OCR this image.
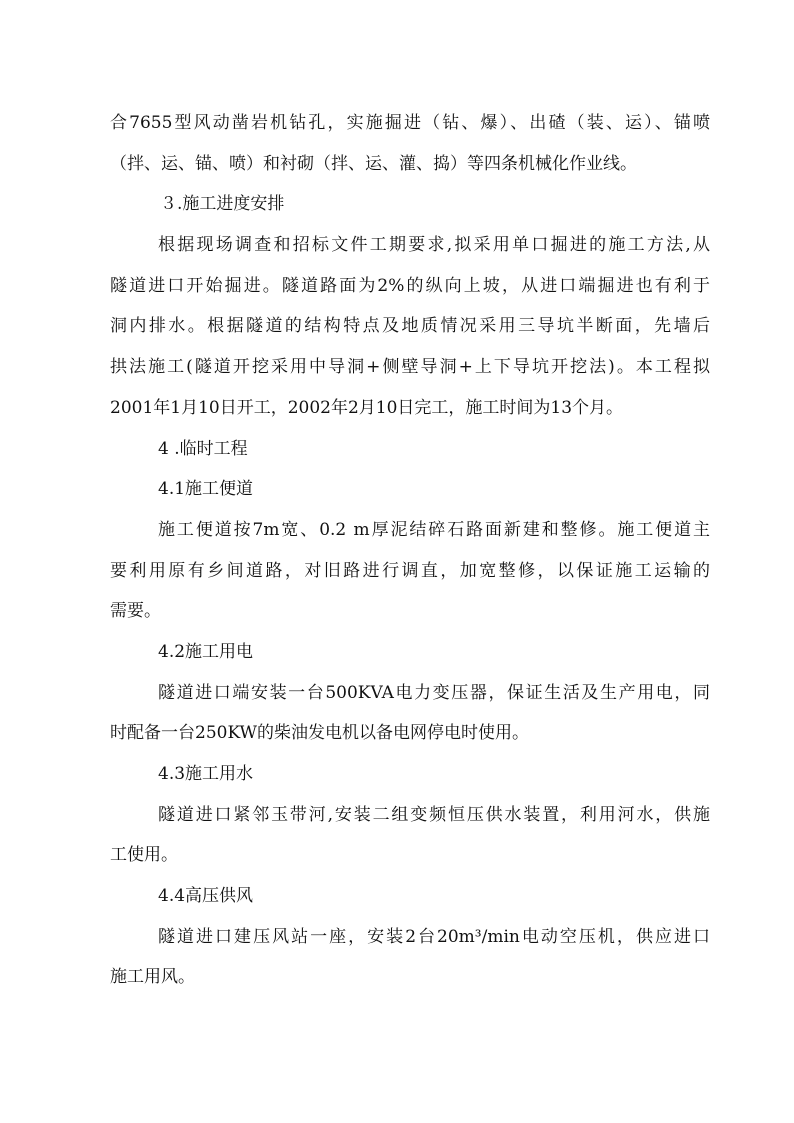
合7655型风动凿岩机钻孔，实施掘进（钻、爆）、出碴（装、运）、锚喷
（拌、运、锚、喷）和衬砌（拌、运、灌、捣）等四条机械化作业线。
３.施工进度安排
根据现场调查和招标文件工期要求,拟采用单口掘进的施工方法,从
隧道进口开始掘进。隧道路面为2%的纵向上坡，从进口端掘进也有利于
洞内排水。根据隧道的结构特点及地质情况采用三导坑半断面，先墙后
拱法施工(隧道开挖采用中导洞+侧壁导洞+上下导坑开挖法)。本工程拟
2001年1月10日开工，2002年2月10日完工，施工时间为13个月。
4 .临时工程
4.1施工便道
施工便道按7m宽、0.2 m厚泥结碎石路面新建和整修。施工便道主
要利用原有乡间道路，对旧路进行调直，加宽整修，以保证施工运输的
需要。
4.2施工用电
隧道进口端安装一台500KVA电力变压器，保证生活及生产用电，同
时配备一台250KW的柴油发电机以备电网停电时使用。
4.3施工用水
隧道进口紧邻玉带河,安装二组变频恒压供水装置，利用河水，供施
工使用。
4.4高压供风
隧道进口建压风站一座，安装2台20m³/min电动空压机，供应进口
施工用风。
